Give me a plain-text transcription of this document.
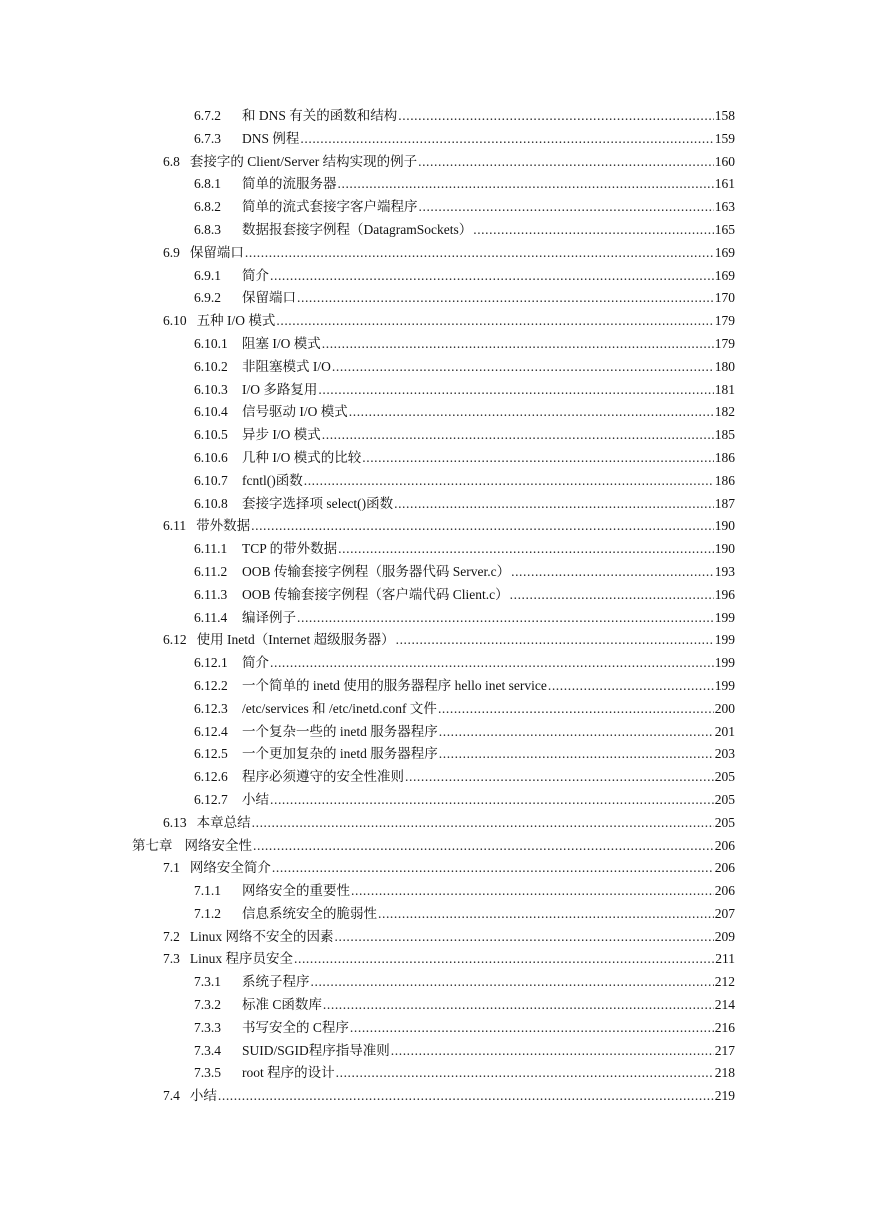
6.7.2	和 DNS 有关的函数和结构 .....	158
6.7.3	DNS 例程 .....	159
6.8 套接字的 Client/Server 结构实现的例子 .....	160
6.8.1	简单的流服务器 .....	161
6.8.2	简单的流式套接字客户端程序 .....	163
6.8.3	数据报套接字例程（DatagramSockets） .....	165
6.9 保留端口 .....	169
6.9.1	简介 .....	169
6.9.2	保留端口 .....	170
6.10 五种 I/O 模式 .....	179
6.10.1 阻塞 I/O 模式 .....	179
6.10.2 非阻塞模式 I/O .....	180
6.10.3 I/O 多路复用 .....	181
6.10.4 信号驱动 I/O 模式 .....	182
6.10.5 异步 I/O 模式 .....	185
6.10.6 几种 I/O 模式的比较 .....	186
6.10.7 fcntl()函数 .....	186
6.10.8 套接字选择项 select()函数 .....	187
6.11 带外数据 .....	190
6.11.1 TCP 的带外数据 .....	190
6.11.2 OOB 传输套接字例程（服务器代码 Server.c） .....	193
6.11.3 OOB 传输套接字例程（客户端代码 Client.c） .....	196
6.11.4 编译例子 .....	199
6.12 使用 Inetd（Internet 超级服务器） .....	199
6.12.1 简介 .....	199
6.12.2 一个简单的 inetd 使用的服务器程序 hello inet service .....	199
6.12.3 /etc/services 和 /etc/inetd.conf 文件 .....	200
6.12.4 一个复杂一些的 inetd 服务器程序 .....	201
6.12.5 一个更加复杂的 inetd 服务器程序 .....	203
6.12.6 程序必须遵守的安全性准则 .....	205
6.12.7 小结 .....	205
6.13 本章总结 .....	205
第七章 网络安全性 .....	206
7.1 网络安全简介 .....	206
7.1.1	网络安全的重要性 .....	206
7.1.2	信息系统安全的脆弱性 .....	207
7.2 Linux 网络不安全的因素 .....	209
7.3 Linux 程序员安全 .....	211
7.3.1	系统子程序 .....	212
7.3.2	标准 C函数库 .....	214
7.3.3	书写安全的 C程序 .....	216
7.3.4	SUID/SGID程序指导准则 .....	217
7.3.5	root 程序的设计 .....	218
7.4 小结 .....	219
